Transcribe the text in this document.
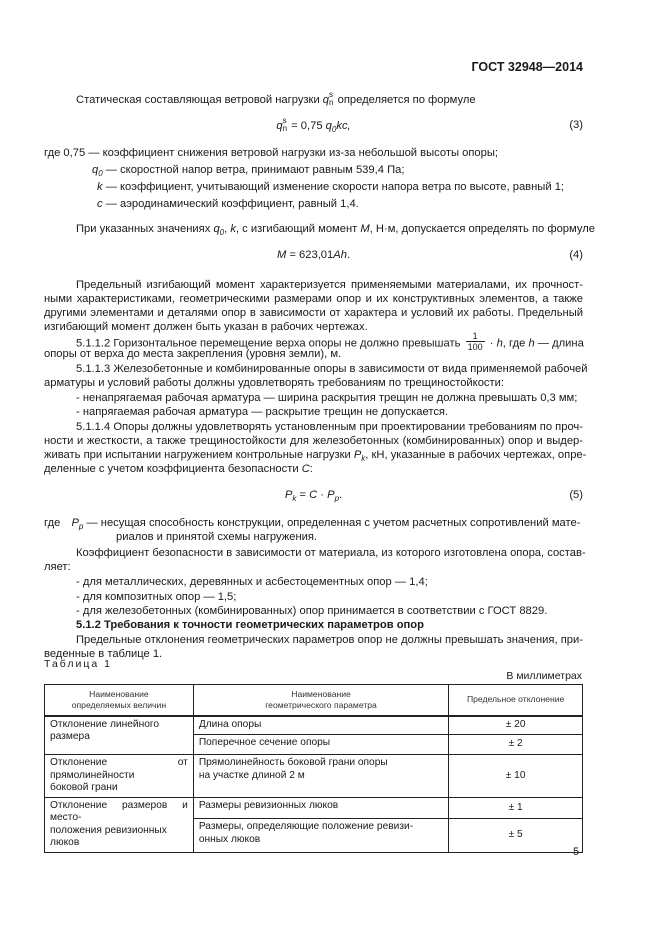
ГОСТ 32948—2014
Статическая составляющая ветровой нагрузки qs
n определяется по формуле
qs
n = 0,75 $q_0kc$,	(3)
где 0,75 — коэффициент снижения ветровой нагрузки из-за небольшой высоты опоры;
$q_0$ — скоростной напор ветра, принимают равным 539,4 Па;
k — коэффициент, учитывающий изменение скорости напора ветра по высоте, равный 1;
c — аэродинамический коэффициент, равный 1,4.
При указанных значениях $q_0$, k, с изгибающий момент M, Н·м, допускается определять по формуле
M = 623,01Ah.	(4)
Предельный изгибающий момент характеризуется применяемыми материалами, их прочност-
ными характеристиками, геометрическими размерами опор и их конструктивных элементов, а также
другими элементами и деталями опор в зависимости от характера и условий их работы. Предельный
изгибающий момент должен быть указан в рабочих чертежах.
5.1.1.2 Горизонтальное перемещение верха опоры не должно превышать $\frac{1}{100} \cdot h$, где h — длина
опоры от верха до места закрепления (уровня земли), м.
5.1.1.3 Железобетонные и комбинированные опоры в зависимости от вида применяемой рабочей
арматуры и условий работы должны удовлетворять требованиям по трещиностойкости:
- ненапрягаемая рабочая арматура — ширина раскрытия трещин не должна превышать 0,3 мм;
- напрягаемая рабочая арматура — раскрытие трещин не допускается.
5.1.1.4 Опоры должны удовлетворять установленным при проектировании требованиям по проч-
ности и жесткости, а также трещиностойкости для железобетонных (комбинированных) опор и выдер-
живать при испытании нагружением контрольные нагрузки $P_k$, кН, указанные в рабочих чертежах, опре-
деленные с учетом коэффициента безопасности C:
$P_k = C \cdot P_p$.	(5)
где $P_p$ — несущая способность конструкции, определенная с учетом расчетных сопротивлений мате-
риалов и принятой схемы нагружения.
Коэффициент безопасности в зависимости от материала, из которого изготовлена опора, состав-
ляет:
- для металлических, деревянных и асбестоцементных опор — 1,4;
- для композитных опор — 1,5;
- для железобетонных (комбинированных) опор принимается в соответствии с ГОСТ 8829.
5.1.2 Требования к точности геометрических параметров опор
Предельные отклонения геометрических параметров опор не должны превышать значения, при-
веденные в таблице 1.
Таблица 1
В миллиметрах
Наименование
определяемых величин	Наименование
геометрического параметра	Предельное отклонение
Отклонение линейного размера	Длина опоры	± 20
	Поперечное сечение опоры	± 2
Отклонение от прямолинейности
боковой грани	Прямолинейность боковой грани опоры
на участке длиной 2 м	± 10

Отклонение размеров и место-
положения ревизионных люков	Размеры ревизионных люков	± 1
	Размеры, определяющие положение ревизи-
онных люков	± 5
5
